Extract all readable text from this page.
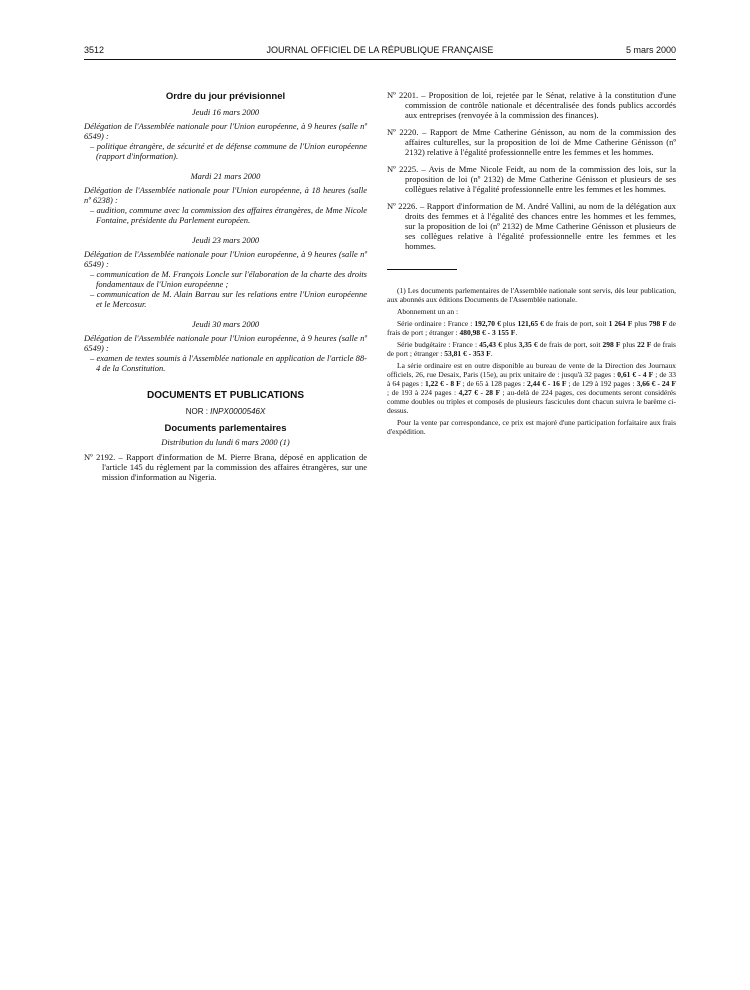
3512	JOURNAL OFFICIEL DE LA RÉPUBLIQUE FRANÇAISE	5 mars 2000
Ordre du jour prévisionnel
Jeudi 16 mars 2000

Délégation de l'Assemblée nationale pour l'Union européenne, à 9 heures (salle nº 6549) :

– politique étrangère, de sécurité et de défense commune de l'Union européenne (rapport d'information).

Mardi 21 mars 2000

Délégation de l'Assemblée nationale pour l'Union européenne, à 18 heures (salle nº 6238) :

– audition, commune avec la commission des affaires étrangères, de Mme Nicole Fontaine, présidente du Parlement européen.

Jeudi 23 mars 2000

Délégation de l'Assemblée nationale pour l'Union européenne, à 9 heures (salle nº 6549) :

– communication de M. François Loncle sur l'élaboration de la charte des droits fondamentaux de l'Union européenne ;

– communication de M. Alain Barrau sur les relations entre l'Union européenne et le Mercosur.

Jeudi 30 mars 2000

Délégation de l'Assemblée nationale pour l'Union européenne, à 9 heures (salle nº 6549) :

– examen de textes soumis à l'Assemblée nationale en application de l'article 88-4 de la Constitution.

DOCUMENTS ET PUBLICATIONS
NOR : INPX0000546X
Documents parlementaires
Distribution du lundi 6 mars 2000 (1)

Nº 2192. – Rapport d'information de M. Pierre Brana, déposé en application de l'article 145 du règlement par la commission des affaires étrangères, sur une mission d'information au Nigeria.

Nº 2201. – Proposition de loi, rejetée par le Sénat, relative à la constitution d'une commission de contrôle nationale et décentralisée des fonds publics accordés aux entreprises (renvoyée à la commission des finances).

Nº 2220. – Rapport de Mme Catherine Génisson, au nom de la commission des affaires culturelles, sur la proposition de loi de Mme Catherine Génisson (nº 2132) relative à l'égalité professionnelle entre les femmes et les hommes.

Nº 2225. – Avis de Mme Nicole Feidt, au nom de la commission des lois, sur la proposition de loi (nº 2132) de Mme Catherine Génisson et plusieurs de ses collègues relative à l'égalité professionnelle entre les femmes et les hommes.

Nº 2226. – Rapport d'information de M. André Vallini, au nom de la délégation aux droits des femmes et à l'égalité des chances entre les hommes et les femmes, sur la proposition de loi (nº 2132) de Mme Catherine Génisson et plusieurs de ses collègues relative à l'égalité professionnelle entre les femmes et les hommes.

(1) Les documents parlementaires de l'Assemblée nationale sont servis, dès leur publication, aux abonnés aux éditions Documents de l'Assemblée nationale.

Abonnement un an :

Série ordinaire : France : 192,70 € plus 121,65 € de frais de port, soit 1 264 F plus 798 F de frais de port ; étranger : 480,98 € - 3 155 F.

Série budgétaire : France : 45,43 € plus 3,35 € de frais de port, soit 298 F plus 22 F de frais de port ; étranger : 53,81 € - 353 F.

La série ordinaire est en outre disponible au bureau de vente de la Direction des Journaux officiels, 26, rue Desaix, Paris (15e), au prix unitaire de : jusqu'à 32 pages : 0,61 € - 4 F ; de 33 à 64 pages : 1,22 € - 8 F ; de 65 à 128 pages : 2,44 € - 16 F ; de 129 à 192 pages : 3,66 € - 24 F ; de 193 à 224 pages : 4,27 € - 28 F ; au-delà de 224 pages, ces documents seront considérés comme doubles ou triples et composés de plusieurs fascicules dont chacun suivra le barème ci-dessus.

Pour la vente par correspondance, ce prix est majoré d'une participation forfaitaire aux frais d'expédition.
